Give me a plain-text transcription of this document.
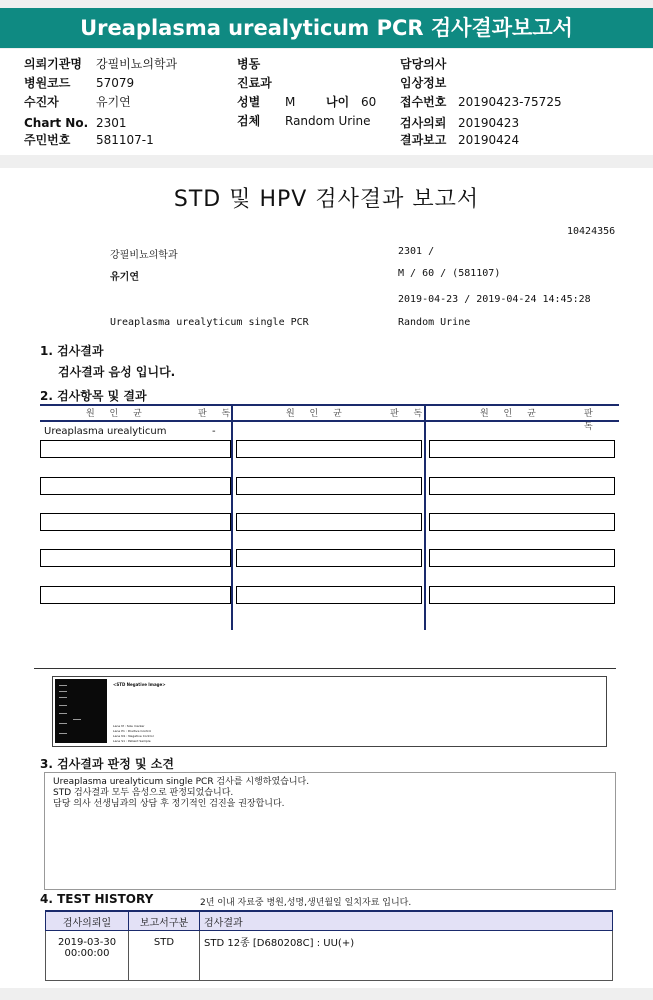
Ureaplasma urealyticum PCR 검사결과보고서
의뢰기관명 강필비뇨의학과
병원코드 57079
수진자	유기연
Chart No. 2301
주민번호 581107-1
병동
진료과
성별 M	나이 60
검체 Random Urine
담당의사
임상정보
접수번호 20190423-75725
검사의뢰 20190423
결과보고 20190424
STD 및 HPV 검사결과 보고서
10424356
강필비뇨의학과	2301 /
유기연	M / 60 / (581107)
2019-04-23 / 2019-04-24 14:45:28
Ureaplasma urealyticum single PCR	Random Urine
1. 검사결과
검사결과 음성 입니다.
2. 검사항목 및 결과
원 인 균	판 독	원 인 균	판 독	원 인 균	판 독
Ureaplasma urealyticum	-
<STD Negative Image>
Lane M : Size marker
Lane P1 : Positive Control
Lane N1 : Negative Control
Lane S1 : Patient Sample
3. 검사결과 판정 및 소견
Ureaplasma urealyticum single PCR 검사를 시행하였습니다.
STD 검사결과 모두 음성으로 판정되었습니다.
담당 의사 선생님과의 상담 후 정기적인 검진을 권장합니다.
4. TEST HISTORY	2년 이내 자료중 병원,성명,생년월일 일치자료 입니다.
검사의뢰일	보고서구분	검사결과

2019-03-30
00:00:00	STD	STD 12종 [D680208C] : UU(+)
